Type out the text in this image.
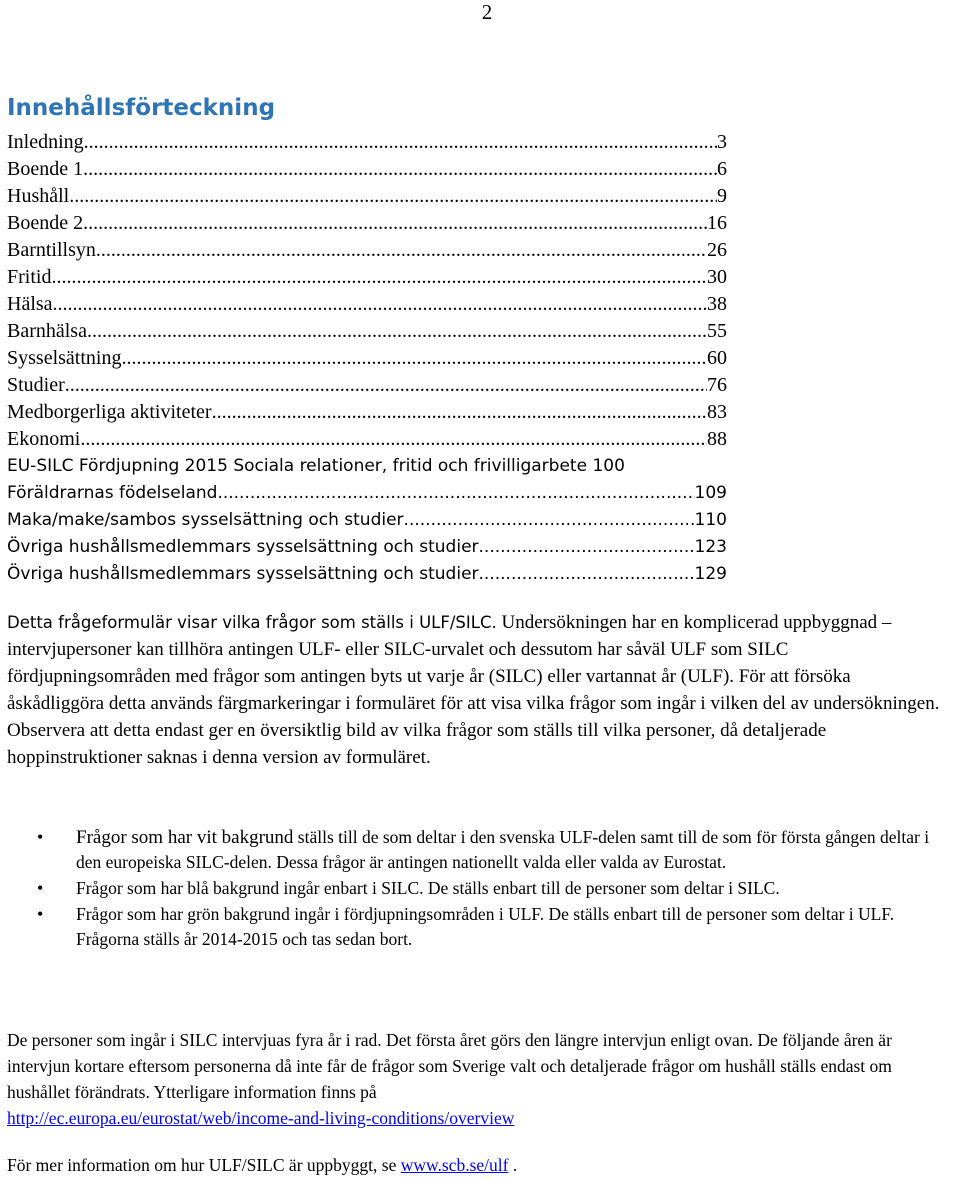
2
Innehållsförteckning
Inledning .....	3
Boende 1 .....	6
Hushåll .....	9
Boende 2 .....	16
Barntillsyn .....	26
Fritid .....	30
Hälsa .....	38
Barnhälsa .....	55
Sysselsättning .....	60
Studier .....	76
Medborgerliga aktiviteter .....	83
Ekonomi .....	88
EU-SILC Fördjupning 2015 Sociala relationer, fritid och frivilligarbete 100
Föräldrarnas födelseland .....	109
Maka/make/sambos sysselsättning och studier .....	110
Övriga hushållsmedlemmars sysselsättning och studier .....	123
Övriga hushållsmedlemmars sysselsättning och studier .....	129

Detta frågeformulär visar vilka frågor som ställs i ULF/SILC. Undersökningen har en komplicerad uppbyggnad – intervjupersoner kan tillhöra antingen ULF- eller SILC-urvalet och dessutom har såväl ULF som SILC fördjupningsområden med frågor som antingen byts ut varje år (SILC) eller vartannat år (ULF). För att försöka åskådliggöra detta används färgmarkeringar i formuläret för att visa vilka frågor som ingår i vilken del av undersökningen. Observera att detta endast ger en översiktlig bild av vilka frågor som ställs till vilka personer, då detaljerade hoppinstruktioner saknas i denna version av formuläret.

• Frågor som har vit bakgrund ställs till de som deltar i den svenska ULF-delen samt till de som för första gången deltar i den europeiska SILC-delen. Dessa frågor är antingen nationellt valda eller valda av Eurostat.
• Frågor som har blå bakgrund ingår enbart i SILC. De ställs enbart till de personer som deltar i SILC.
• Frågor som har grön bakgrund ingår i fördjupningsområden i ULF. De ställs enbart till de personer som deltar i ULF. Frågorna ställs år 2014-2015 och tas sedan bort.

De personer som ingår i SILC intervjuas fyra år i rad. Det första året görs den längre intervjun enligt ovan. De följande åren är intervjun kortare eftersom personerna då inte får de frågor som Sverige valt och detaljerade frågor om hushåll ställs endast om hushållet förändrats. Ytterligare information finns på
http://ec.europa.eu/eurostat/web/income-and-living-conditions/overview

För mer information om hur ULF/SILC är uppbyggt, se www.scb.se/ulf .
